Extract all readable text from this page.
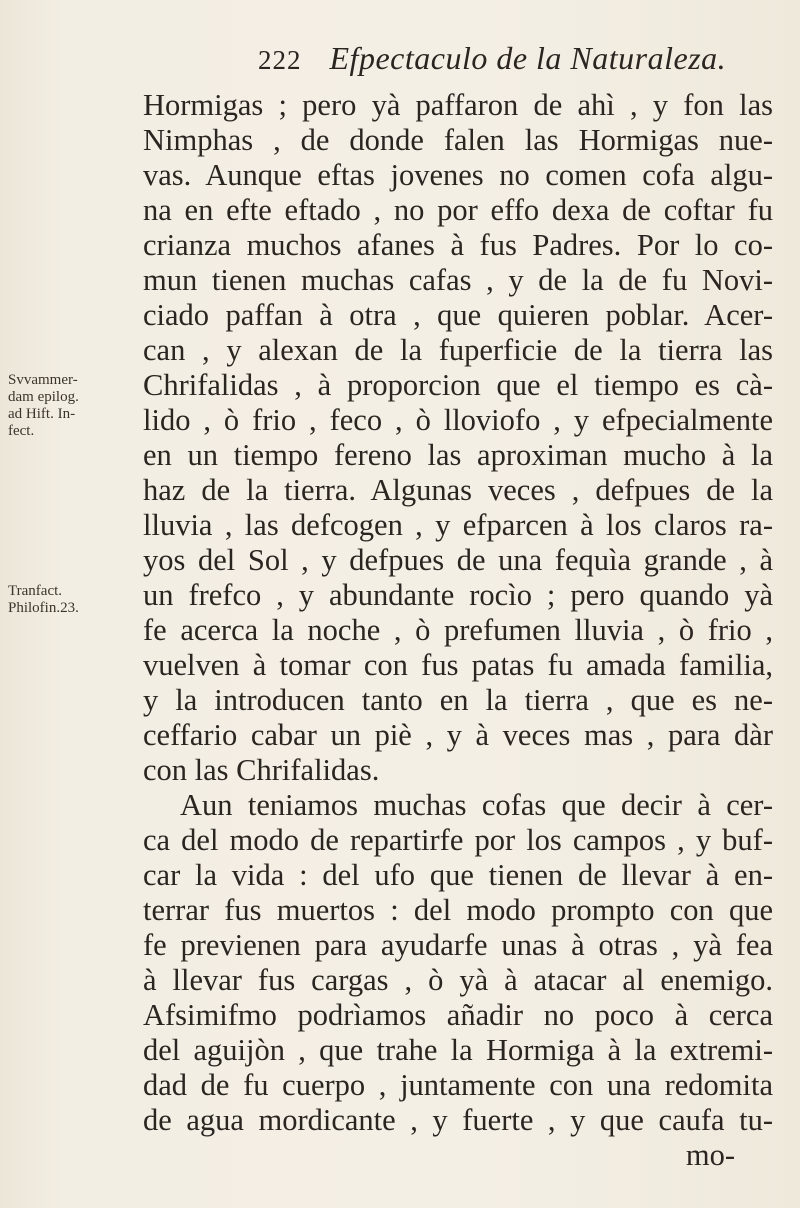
222 Efpectaculo de la Naturaleza.
Svvammer-
dam epilog.
ad Hift. In-
fect.
Tranfact.
Philofin.23.
Hormigas ; pero yà paffaron de ahì , y fon las
Nimphas , de donde falen las Hormigas nue-
vas. Aunque eftas jovenes no comen cofa algu-
na en efte eftado , no por effo dexa de coftar fu
crianza muchos afanes à fus Padres. Por lo co-
mun tienen muchas cafas , y de la de fu Novi-
ciado paffan à otra , que quieren poblar. Acer-
can , y alexan de la fuperficie de la tierra las
Chrifalidas , à proporcion que el tiempo es cà-
lido , ò frio , feco , ò lloviofo , y efpecialmente
en un tiempo fereno las aproximan mucho à la
haz de la tierra. Algunas veces , defpues de la
lluvia , las defcogen , y efparcen à los claros ra-
yos del Sol , y defpues de una fequìa grande , à
un frefco , y abundante rocìo ; pero quando yà
fe acerca la noche , ò prefumen lluvia , ò frio ,
vuelven à tomar con fus patas fu amada familia,
y la introducen tanto en la tierra , que es ne-
ceffario cabar un piè , y à veces mas , para dàr
con las Chrifalidas.
Aun teniamos muchas cofas que decir à cer-
ca del modo de repartirfe por los campos , y buf-
car la vida : del ufo que tienen de llevar à en-
terrar fus muertos : del modo prompto con que
fe previenen para ayudarfe unas à otras , yà fea
à llevar fus cargas , ò yà à atacar al enemigo.
Afsimifmo podrìamos añadir no poco à cerca
del aguijòn , que trahe la Hormiga à la extremi-
dad de fu cuerpo , juntamente con una redomita
de agua mordicante , y fuerte , y que caufa tu-
mo-
